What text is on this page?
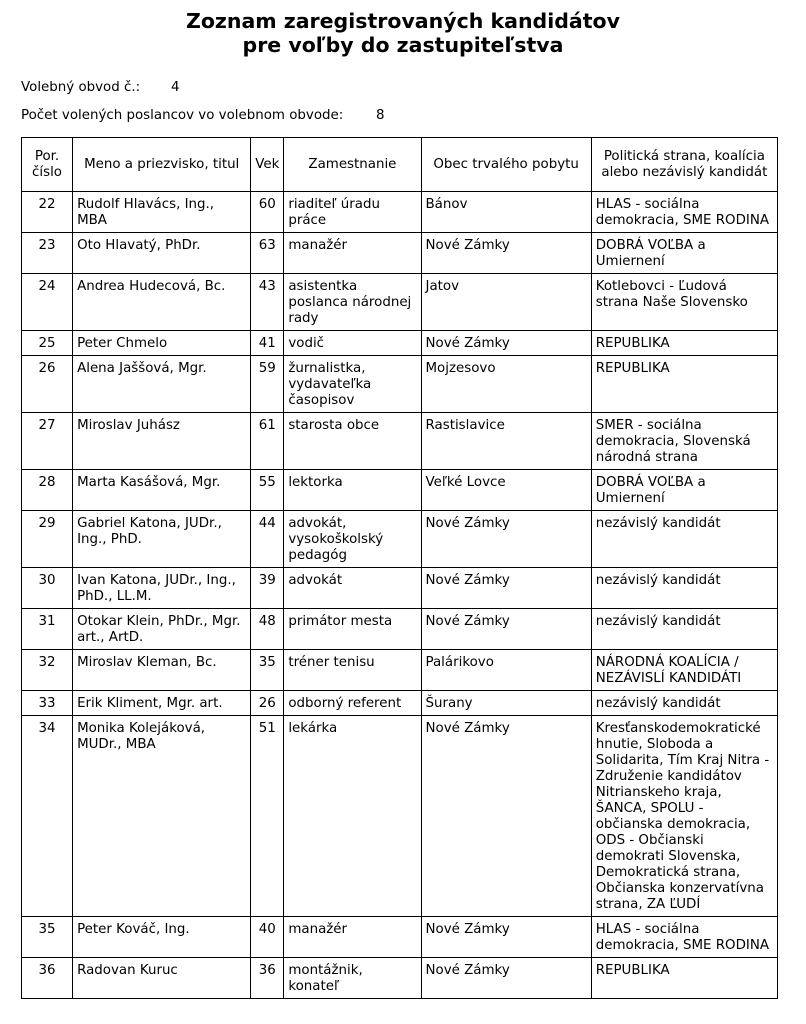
Zoznam zaregistrovaných kandidátov
pre voľby do zastupiteľstva
Volebný obvod č.: 4
Počet volených poslancov vo volebnom obvode: 8
Por. číslo	Meno a priezvisko, titul	Vek	Zamestnanie	Obec trvalého pobytu	Politická strana, koalícia alebo nezávislý kandidát
22	Rudolf Hlavács, Ing., MBA	60	riaditeľ úradu práce	Bánov	HLAS - sociálna demokracia, SME RODINA
23	Oto Hlavatý, PhDr.	63	manažér	Nové Zámky	DOBRÁ VOĽBA a Umiernení
24	Andrea Hudecová, Bc.	43	asistentka poslanca národnej rady	Jatov	Kotlebovci - Ľudová strana Naše Slovensko
25	Peter Chmelo	41	vodič	Nové Zámky	REPUBLIKA
26	Alena Jaššová, Mgr.	59	žurnalistka, vydavateľka časopisov	Mojzesovo	REPUBLIKA
27	Miroslav Juhász	61	starosta obce	Rastislavice	SMER - sociálna demokracia, Slovenská národná strana
28	Marta Kasášová, Mgr.	55	lektorka	Veľké Lovce	DOBRÁ VOĽBA a Umiernení
29	Gabriel Katona, JUDr., Ing., PhD.	44	advokát, vysokoškolský pedagóg	Nové Zámky	nezávislý kandidát
30	Ivan Katona, JUDr., Ing., PhD., LL.M.	39	advokát	Nové Zámky	nezávislý kandidát
31	Otokar Klein, PhDr., Mgr. art., ArtD.	48	primátor mesta	Nové Zámky	nezávislý kandidát
32	Miroslav Kleman, Bc.	35	tréner tenisu	Palárikovo	NÁRODNÁ KOALÍCIA / NEZÁVISLÍ KANDIDÁTI
33	Erik Kliment, Mgr. art.	26	odborný referent	Šurany	nezávislý kandidát
34	Monika Kolejáková, MUDr., MBA	51	lekárka	Nové Zámky	Kresťanskodemokratické hnutie, Sloboda a Solidarita, Tím Kraj Nitra - Združenie kandidátov Nitrianskeho kraja, ŠANCA, SPOLU - občianska demokracia, ODS - Občianski demokrati Slovenska, Demokratická strana, Občianska konzervatívna strana, ZA ĽUDÍ
35	Peter Kováč, Ing.	40	manažér	Nové Zámky	HLAS - sociálna demokracia, SME RODINA
36	Radovan Kuruc	36	montážnik, konateľ	Nové Zámky	REPUBLIKA
